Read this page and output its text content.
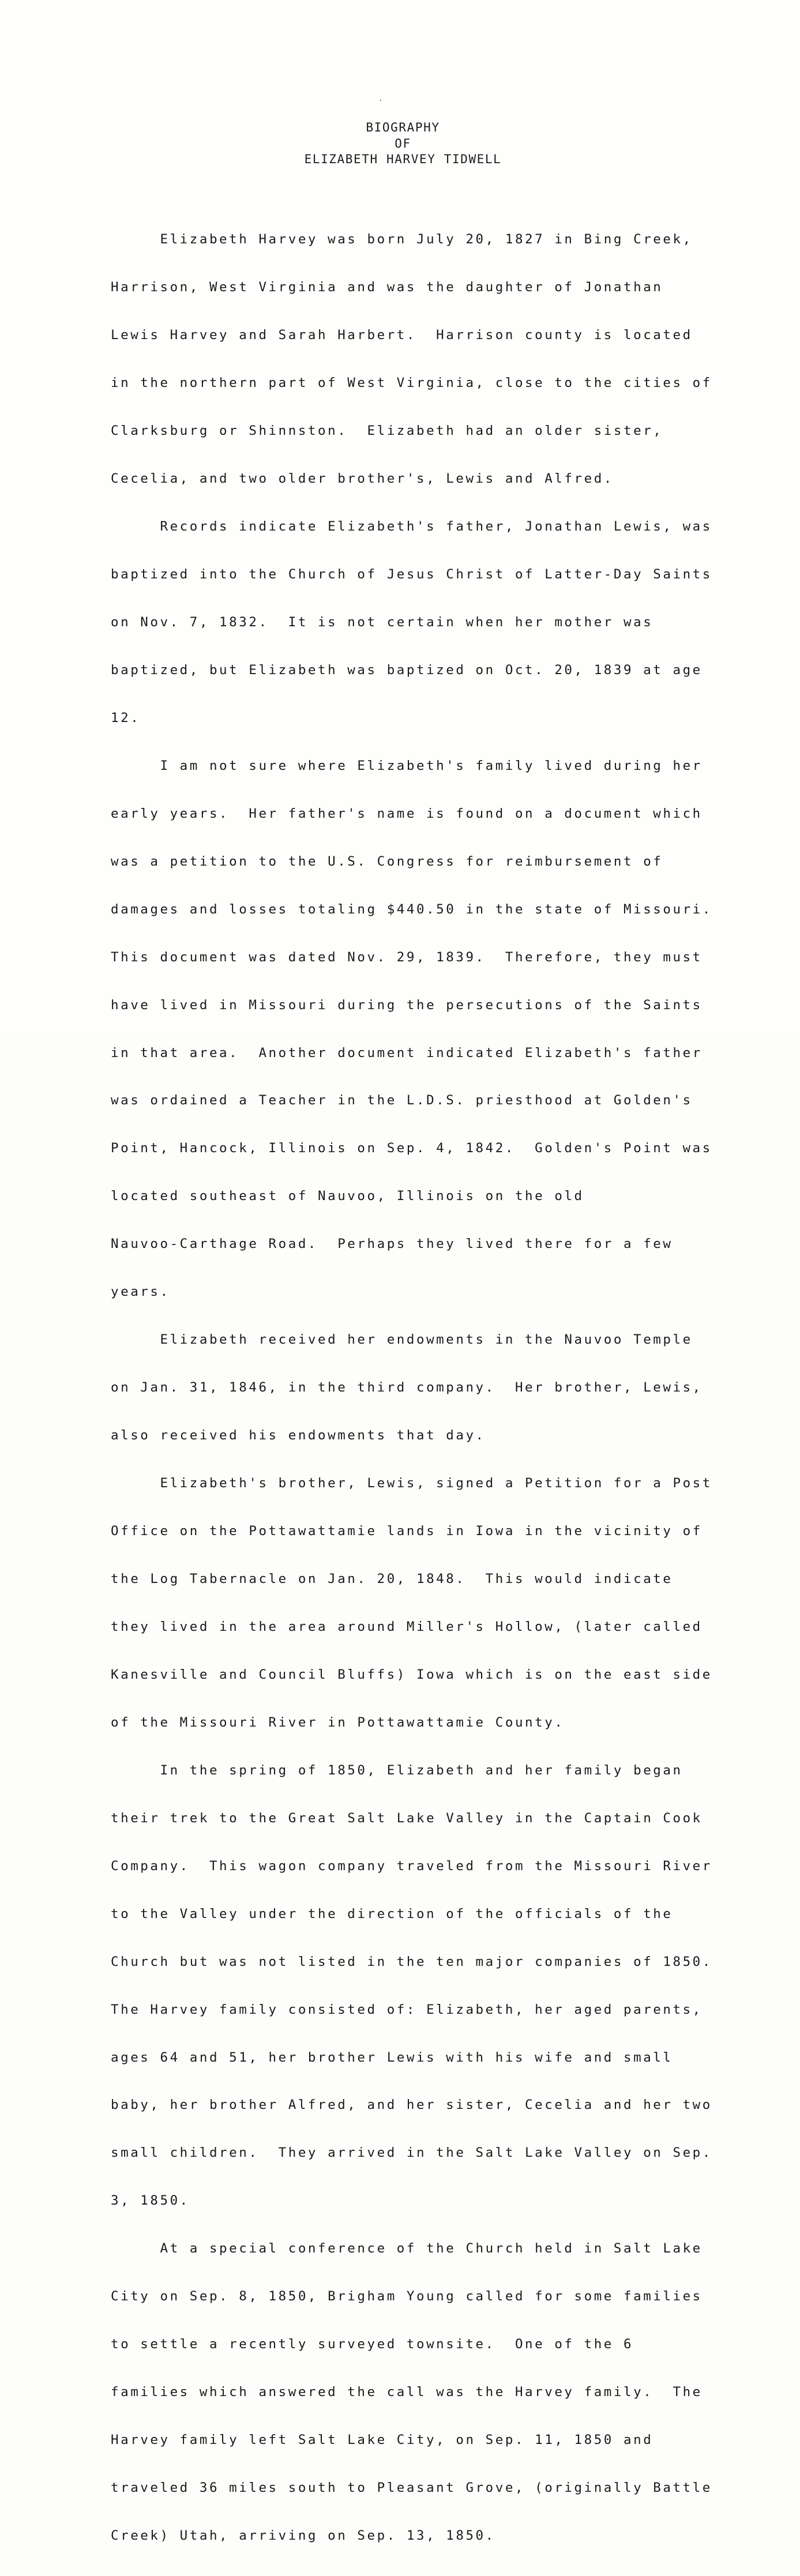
BIOGRAPHY
OF
ELIZABETH HARVEY TIDWELL

Elizabeth Harvey was born July 20, 1827 in Bing Creek,

Harrison, West Virginia and was the daughter of Jonathan

Lewis Harvey and Sarah Harbert.  Harrison county is located

in the northern part of West Virginia, close to the cities of

Clarksburg or Shinnston.  Elizabeth had an older sister,

Cecelia, and two older brother's, Lewis and Alfred.

Records indicate Elizabeth's father, Jonathan Lewis, was

baptized into the Church of Jesus Christ of Latter-Day Saints

on Nov. 7, 1832.  It is not certain when her mother was

baptized, but Elizabeth was baptized on Oct. 20, 1839 at age

12.

I am not sure where Elizabeth's family lived during her

early years.  Her father's name is found on a document which

was a petition to the U.S. Congress for reimbursement of

damages and losses totaling $440.50 in the state of Missouri.

This document was dated Nov. 29, 1839.  Therefore, they must

have lived in Missouri during the persecutions of the Saints

in that area.  Another document indicated Elizabeth's father

was ordained a Teacher in the L.D.S. priesthood at Golden's

Point, Hancock, Illinois on Sep. 4, 1842.  Golden's Point was

located southeast of Nauvoo, Illinois on the old

Nauvoo-Carthage Road.  Perhaps they lived there for a few

years.

Elizabeth received her endowments in the Nauvoo Temple

on Jan. 31, 1846, in the third company.  Her brother, Lewis,

also received his endowments that day.

Elizabeth's brother, Lewis, signed a Petition for a Post

Office on the Pottawattamie lands in Iowa in the vicinity of

the Log Tabernacle on Jan. 20, 1848.  This would indicate

they lived in the area around Miller's Hollow, (later called

Kanesville and Council Bluffs) Iowa which is on the east side

of the Missouri River in Pottawattamie County.

In the spring of 1850, Elizabeth and her family began

their trek to the Great Salt Lake Valley in the Captain Cook

Company.  This wagon company traveled from the Missouri River

to the Valley under the direction of the officials of the

Church but was not listed in the ten major companies of 1850.

The Harvey family consisted of: Elizabeth, her aged parents,

ages 64 and 51, her brother Lewis with his wife and small

baby, her brother Alfred, and her sister, Cecelia and her two

small children.  They arrived in the Salt Lake Valley on Sep.

3, 1850.

At a special conference of the Church held in Salt Lake

City on Sep. 8, 1850, Brigham Young called for some families

to settle a recently surveyed townsite.  One of the 6

families which answered the call was the Harvey family.  The

Harvey family left Salt Lake City, on Sep. 11, 1850 and

traveled 36 miles south to Pleasant Grove, (originally Battle

Creek) Utah, arriving on Sep. 13, 1850.
